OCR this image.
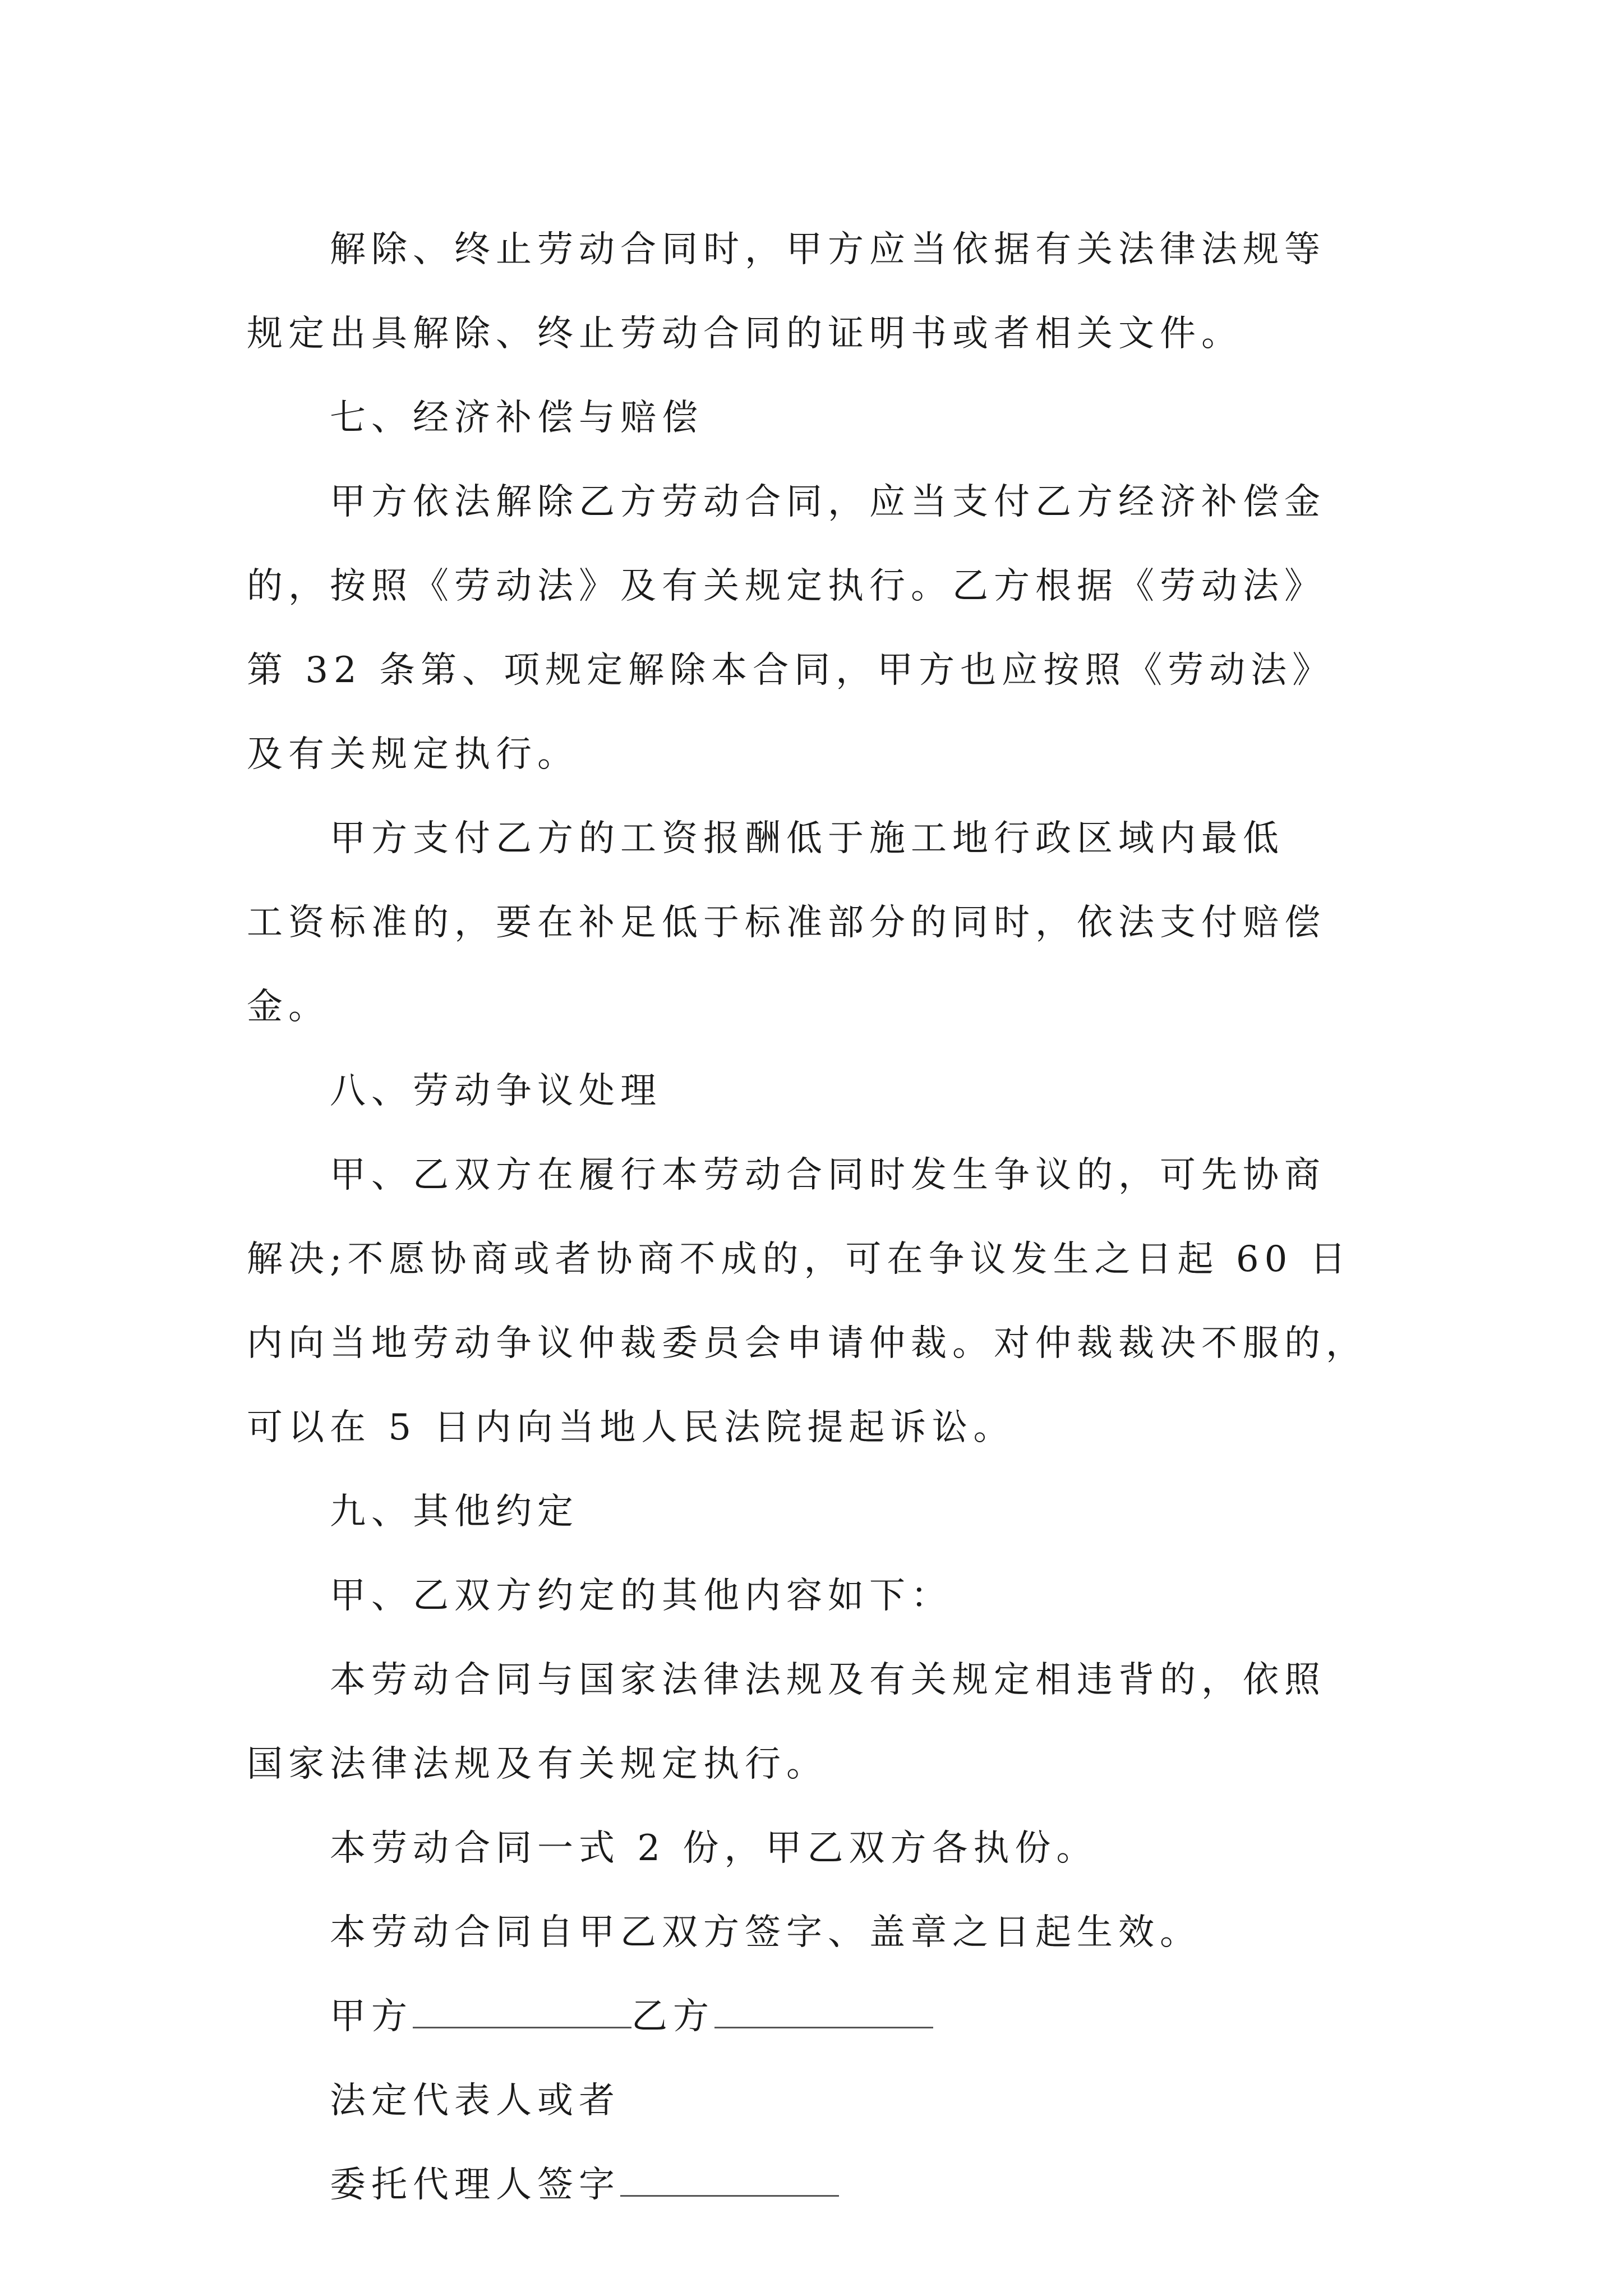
解除、终止劳动合同时，甲方应当依据有关法律法规等
规定出具解除、终止劳动合同的证明书或者相关文件。
七、经济补偿与赔偿
甲方依法解除乙方劳动合同，应当支付乙方经济补偿金
的，按照《劳动法》及有关规定执行。乙方根据《劳动法》
第 32 条第、项规定解除本合同，甲方也应按照《劳动法》
及有关规定执行。
甲方支付乙方的工资报酬低于施工地行政区域内最低
工资标准的，要在补足低于标准部分的同时，依法支付赔偿
金。
八、劳动争议处理
甲、乙双方在履行本劳动合同时发生争议的，可先协商
解决;不愿协商或者协商不成的，可在争议发生之日起 60 日
内向当地劳动争议仲裁委员会申请仲裁。对仲裁裁决不服的，
可以在 5 日内向当地人民法院提起诉讼。
九、其他约定
甲、乙双方约定的其他内容如下：
本劳动合同与国家法律法规及有关规定相违背的，依照
国家法律法规及有关规定执行。
本劳动合同一式 2 份，甲乙双方各执份。
本劳动合同自甲乙双方签字、盖章之日起生效。
甲方	乙方
法定代表人或者
委托代理人签字
